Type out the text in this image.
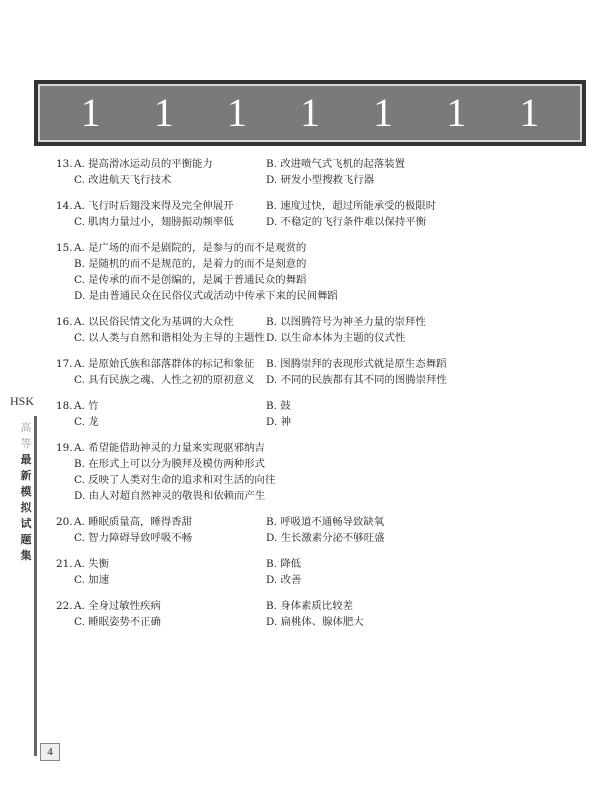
1 1 1 1 1 1 1
HSK
高
等
最
新
模
拟
试
题
集
4
13.A. 提高滑冰运动员的平衡能力	B. 改进喷气式飞机的起落装置
C. 改进航天飞行技术	D. 研发小型搜救飞行器
14.A. 飞行时后翅没来得及完全伸展开	B. 速度过快，超过所能承受的极限时
C. 肌肉力量过小，翅膀振动频率低	D. 不稳定的飞行条件难以保持平衡
15.A. 是广场的而不是剧院的，是参与的而不是观赏的
B. 是随机的而不是规范的，是着力的而不是刻意的
C. 是传承的而不是创编的，是属于普通民众的舞蹈
D. 是由普通民众在民俗仪式或活动中传承下来的民间舞蹈
16.A. 以民俗民情文化为基调的大众性	B. 以图腾符号为神圣力量的崇拜性
C. 以人类与自然和谐相处为主导的主题性 D. 以生命本体为主题的仪式性
17.A. 是原始氏族和部落群体的标记和象征	B. 图腾崇拜的表现形式就是原生态舞蹈
C. 具有民族之魂、人性之初的原初意义	D. 不同的民族都有其不同的图腾崇拜性
18.A. 竹	B. 鼓
C. 龙	D. 神
19.A. 希望能借助神灵的力量来实现驱邪纳吉
B. 在形式上可以分为膜拜及模仿两种形式
C. 反映了人类对生命的追求和对生活的向往
D. 由人对超自然神灵的敬畏和依赖而产生
20.A. 睡眠质量高，睡得香甜	B. 呼吸道不通畅导致缺氧
C. 智力障碍导致呼吸不畅	D. 生长激素分泌不够旺盛
21.A. 失衡	B. 降低
C. 加速	D. 改善
22.A. 全身过敏性疾病	B. 身体素质比较差
C. 睡眠姿势不正确	D. 扁桃体、腺体肥大
